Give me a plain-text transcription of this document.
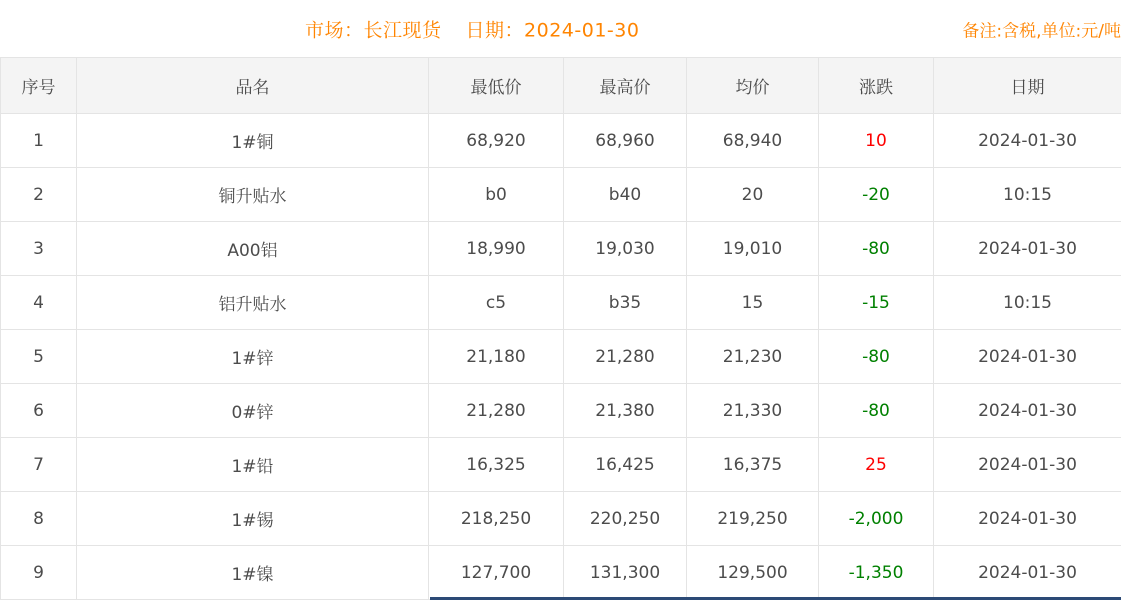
市场：长江现货 日期：2024-01-30	备注:含税,单位:元/吨
序号	品名	最低价	最高价	均价	涨跌	日期
1	1#铜	68,920	68,960	68,940	10	2024-01-30
2	铜升贴水	b0	b40	20	-20	10:15
3	A00铝	18,990	19,030	19,010	-80	2024-01-30
4	铝升贴水	c5	b35	15	-15	10:15
5	1#锌	21,180	21,280	21,230	-80	2024-01-30
6	0#锌	21,280	21,380	21,330	-80	2024-01-30
7	1#铅	16,325	16,425	16,375	25	2024-01-30
8	1#锡	218,250	220,250	219,250	-2,000	2024-01-30
9	1#镍	127,700	131,300	129,500	-1,350	2024-01-30
